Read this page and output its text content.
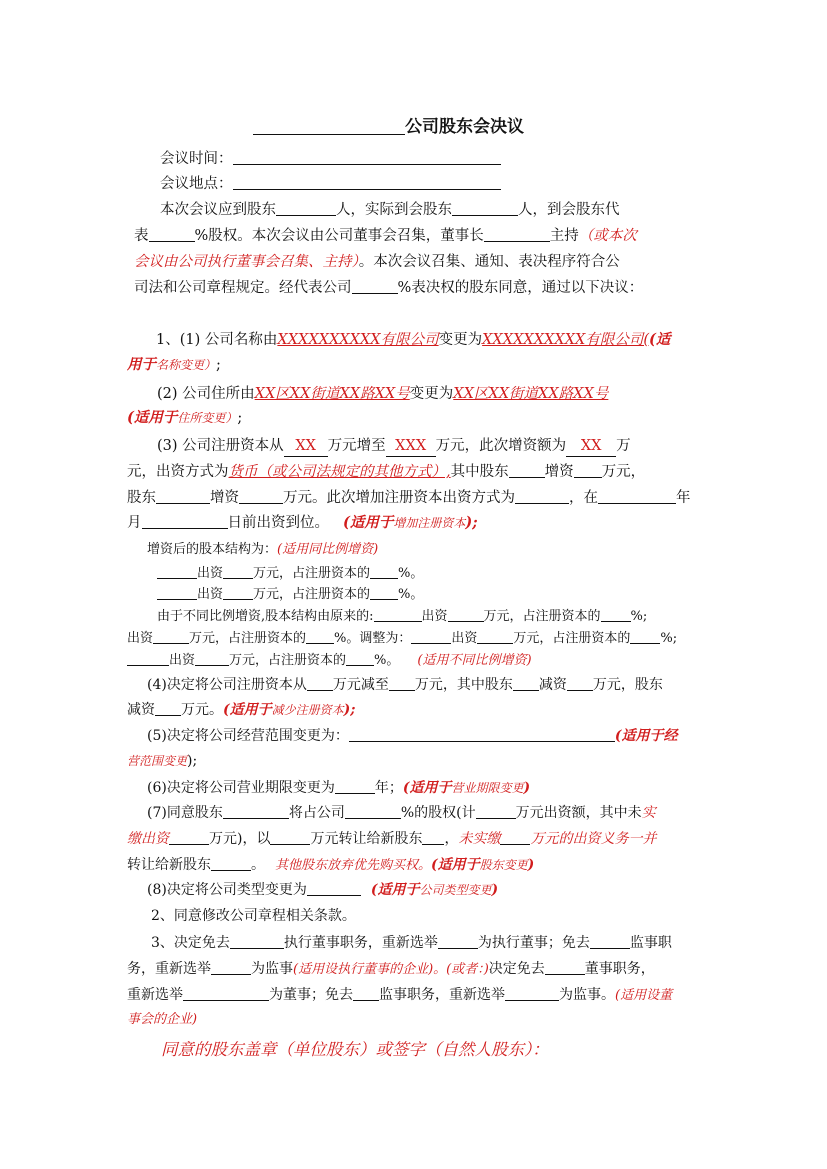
公司股东会决议
会议时间：
会议地点：
本次会议应到股东	人，实际到会股东	人，到会股东代
表	%股权。本次会议由公司董事会召集，董事长	主持（或本次
会议由公司执行董事会召集、主持）。本次会议召集、通知、表决程序符合公
司法和公司章程规定。经代表公司	%表决权的股东同意，通过以下决议：
1、(1) 公司名称由XXXXXXXXXX有限公司变更为XXXXXXXXXX有限公司((适
用于名称变更）;
(2) 公司住所由XX区XX街道XX路XX号变更为XX区XX街道XX路XX号
(适用于住所变更）;
(3) 公司注册资本从 XX 万元增至 XXX 万元，此次增资额为 XX 万
元，出资方式为货币（或公司法规定的其他方式）,其中股东 增资 万元，
股东	增资	万元。此次增加注册资本出资方式为	，在	年
月	日前出资到位。 (适用于增加注册资本);
增资后的股本结构为：(适用同比例增资)
出资 万元，占注册资本的 %。
出资 万元，占注册资本的 %。
由于不同比例增资,股本结构由原来的:	出资	万元，占注册资本的 %;
出资	万元，占注册资本的 %。调整为：	出资	万元，占注册资本的 %;
出资	万元，占注册资本的 %。 (适用不同比例增资)
(4)决定将公司注册资本从 万元减至 万元，其中股东 减资 万元，股东
减资 万元。(适用于减少注册资本);
(5)决定将公司经营范围变更为：	(适用于经
营范围变更);
(6)决定将公司营业期限变更为	年；(适用于营业期限变更)
(7)同意股东	将占公司	%的股权(计	万元出资额，其中未实
缴出资	万元)，以	万元转让给新股东 ，未实缴 万元的出资义务一并
转让给新股东	。 其他股东放弃优先购买权。(适用于股东变更)
(8)决定将公司类型变更为	(适用于公司类型变更)
2、同意修改公司章程相关条款。
3、决定免去	执行董事职务，重新选举	为执行董事；免去	监事职
务，重新选举	为监事(适用设执行董事的企业)。(或者：)决定免去	董事职务，
重新选举	为董事；免去 监事职务，重新选举	为监事。(适用设董
事会的企业)
同意的股东盖章（单位股东）或签字（自然人股东）：
